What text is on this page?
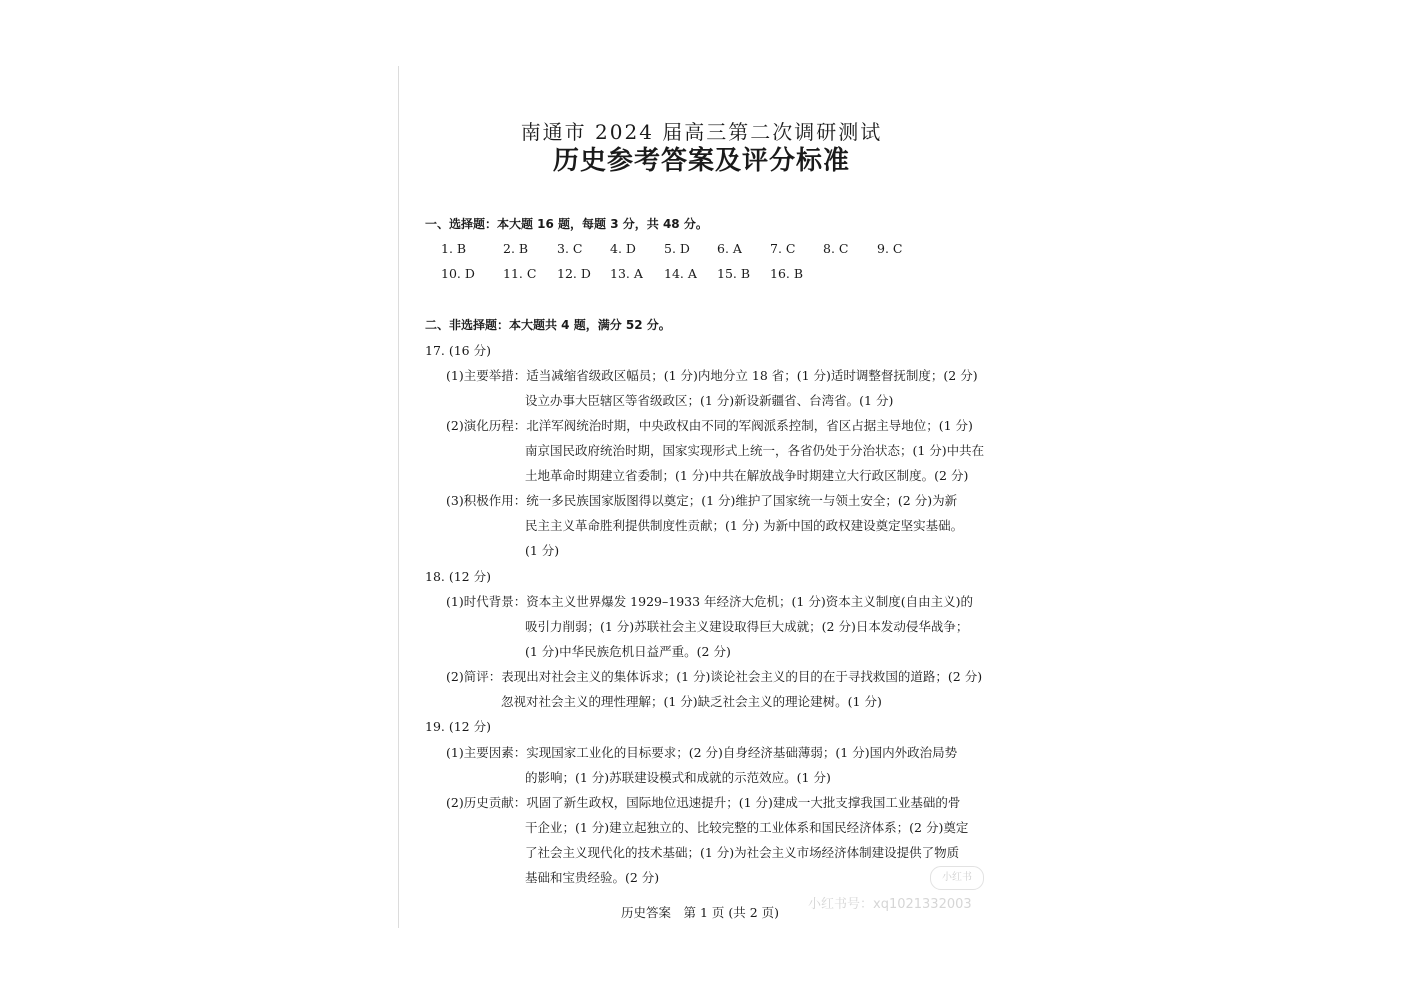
南通市 2024 届高三第二次调研测试
历史参考答案及评分标准

一、选择题：本大题 16 题，每题 3 分，共 48 分。

1. B	2. B 3. C 4. D 5. D 6. A 7. C 8. C 9. C
10. D 11. C 12. D 13. A 14. A 15. B 16. B

二、非选择题：本大题共 4 题，满分 52 分。

17. (16 分)

(1)主要举措：适当减缩省级政区幅员；(1 分)内地分立 18 省；(1 分)适时调整督抚制度；(2 分)

设立办事大臣辖区等省级政区；(1 分)新设新疆省、台湾省。(1 分)

(2)演化历程：北洋军阀统治时期，中央政权由不同的军阀派系控制，省区占据主导地位；(1 分)

南京国民政府统治时期，国家实现形式上统一，各省仍处于分治状态；(1 分)中共在

土地革命时期建立省委制；(1 分)中共在解放战争时期建立大行政区制度。(2 分)

(3)积极作用：统一多民族国家版图得以奠定；(1 分)维护了国家统一与领土安全；(2 分)为新

民主主义革命胜利提供制度性贡献；(1 分) 为新中国的政权建设奠定坚实基础。

(1 分)

18. (12 分)

(1)时代背景：资本主义世界爆发 1929–1933 年经济大危机；(1 分)资本主义制度(自由主义)的

吸引力削弱；(1 分)苏联社会主义建设取得巨大成就；(2 分)日本发动侵华战争；

(1 分)中华民族危机日益严重。(2 分)

(2)简评：表现出对社会主义的集体诉求；(1 分)谈论社会主义的目的在于寻找救国的道路；(2 分)

忽视对社会主义的理性理解；(1 分)缺乏社会主义的理论建树。(1 分)

19. (12 分)

(1)主要因素：实现国家工业化的目标要求；(2 分)自身经济基础薄弱；(1 分)国内外政治局势

的影响；(1 分)苏联建设模式和成就的示范效应。(1 分)

(2)历史贡献：巩固了新生政权，国际地位迅速提升；(1 分)建成一大批支撑我国工业基础的骨

干企业；(1 分)建立起独立的、比较完整的工业体系和国民经济体系；(2 分)奠定

了社会主义现代化的技术基础；(1 分)为社会主义市场经济体制建设提供了物质

基础和宝贵经验。(2 分)	小红书
小红书号：xq1021332003
历史答案　第 1 页 (共 2 页)
